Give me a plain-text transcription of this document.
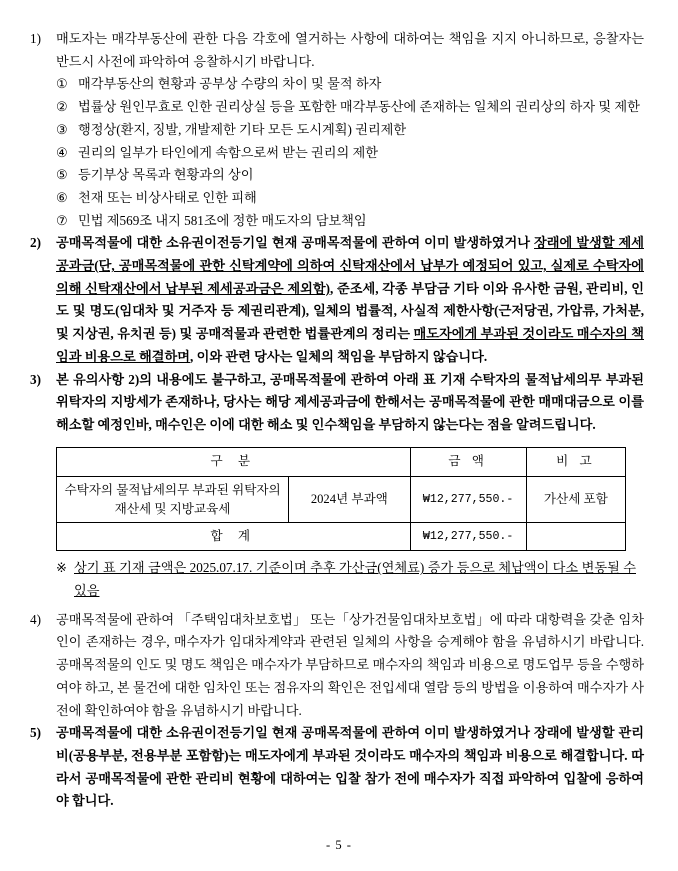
1)	매도자는 매각부동산에 관한 다음 각호에 열거하는 사항에 대하여는 책임을 지지 아니하므로, 응찰자는 반드시 사전에 파악하여 응찰하시기 바랍니다.
① 매각부동산의 현황과 공부상 수량의 차이 및 물적 하자
② 법률상 원인무효로 인한 권리상실 등을 포함한 매각부동산에 존재하는 일체의 권리상의 하자 및 제한
③ 행정상(환지, 징발, 개발제한 기타 모든 도시계획) 권리제한
④ 권리의 일부가 타인에게 속함으로써 받는 권리의 제한
⑤ 등기부상 목록과 현황과의 상이
⑥ 천재 또는 비상사태로 인한 피해
⑦ 민법 제569조 내지 581조에 정한 매도자의 담보책임
2)	공매목적물에 대한 소유권이전등기일 현재 공매목적물에 관하여 이미 발생하였거나 장래에 발생할 제세공과금(단, 공매목적물에 관한 신탁계약에 의하여 신탁재산에서 납부가 예정되어 있고, 실제로 수탁자에 의해 신탁재산에서 납부된 제세공과금은 제외함), 준조세, 각종 부담금 기타 이와 유사한 금원, 관리비, 인도 및 명도(임대차 및 거주자 등 제권리관계), 일체의 법률적, 사실적 제한사항(근저당권, 가압류, 가처분, 및 지상권, 유치권 등) 및 공매적물과 관련한 법률관계의 정리는 매도자에게 부과된 것이라도 매수자의 책임과 비용으로 해결하며, 이와 관련 당사는 일체의 책임을 부담하지 않습니다.
3)	본 유의사항 2)의 내용에도 불구하고, 공매목적물에 관하여 아래 표 기재 수탁자의 물적납세의무 부과된 위탁자의 지방세가 존재하나, 당사는 해당 제세공과금에 한해서는 공매목적물에 관한 매매대금으로 이를 해소할 예정인바, 매수인은 이에 대한 해소 및 인수책임을 부담하지 않는다는 점을 알려드립니다.
구 분		금 액	비 고

수탁자의 물적납세의무 부과된 위탁자의
재산세 및 지방교육세	2024년 부과액	₩12,277,550.-	가산세 포함
합 계		₩12,277,550.-	
※ 상기 표 기재 금액은 2025.07.17. 기준이며 추후 가산금(연체료) 증가 등으로 체납액이 다소 변동될 수 있음
4)	공매목적물에 관하여 「주택임대차보호법」 또는「상가건물임대차보호법」에 따라 대항력을 갖춘 임차인이 존재하는 경우, 매수자가 임대차계약과 관련된 일체의 사항을 승계해야 함을 유념하시기 바랍니다. 공매목적물의 인도 및 명도 책임은 매수자가 부담하므로 매수자의 책임과 비용으로 명도업무 등을 수행하여야 하고, 본 물건에 대한 임차인 또는 점유자의 확인은 전입세대 열람 등의 방법을 이용하여 매수자가 사전에 확인하여야 함을 유념하시기 바랍니다.
5)	공매목적물에 대한 소유권이전등기일 현재 공매목적물에 관하여 이미 발생하였거나 장래에 발생할 관리비(공용부분, 전용부분 포함함)는 매도자에게 부과된 것이라도 매수자의 책임과 비용으로 해결합니다. 따라서 공매목적물에 관한 관리비 현황에 대하여는 입찰 참가 전에 매수자가 직접 파악하여 입찰에 응하여야 합니다.
- 5 -
